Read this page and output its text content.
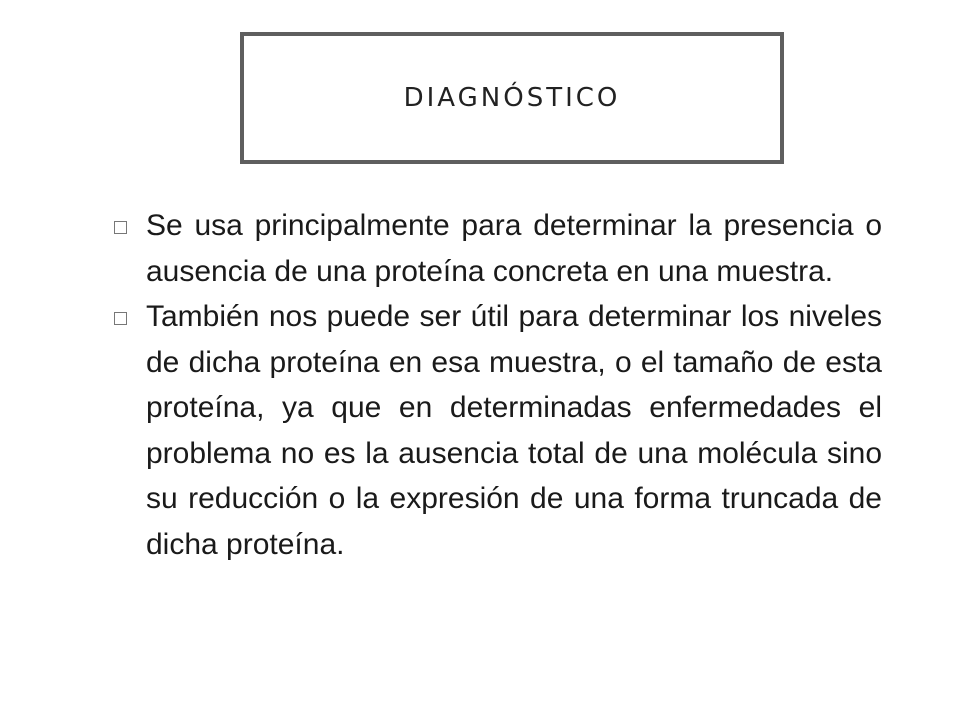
DIAGNÓSTICO
Se usa principalmente para determinar la presencia o ausencia de una proteína concreta en una muestra.
También nos puede ser útil para determinar los niveles de dicha proteína en esa muestra, o el tamaño de esta proteína, ya que en determinadas enfermedades el problema no es la ausencia total de una molécula sino su reducción o la expresión de una forma truncada de dicha proteína.
